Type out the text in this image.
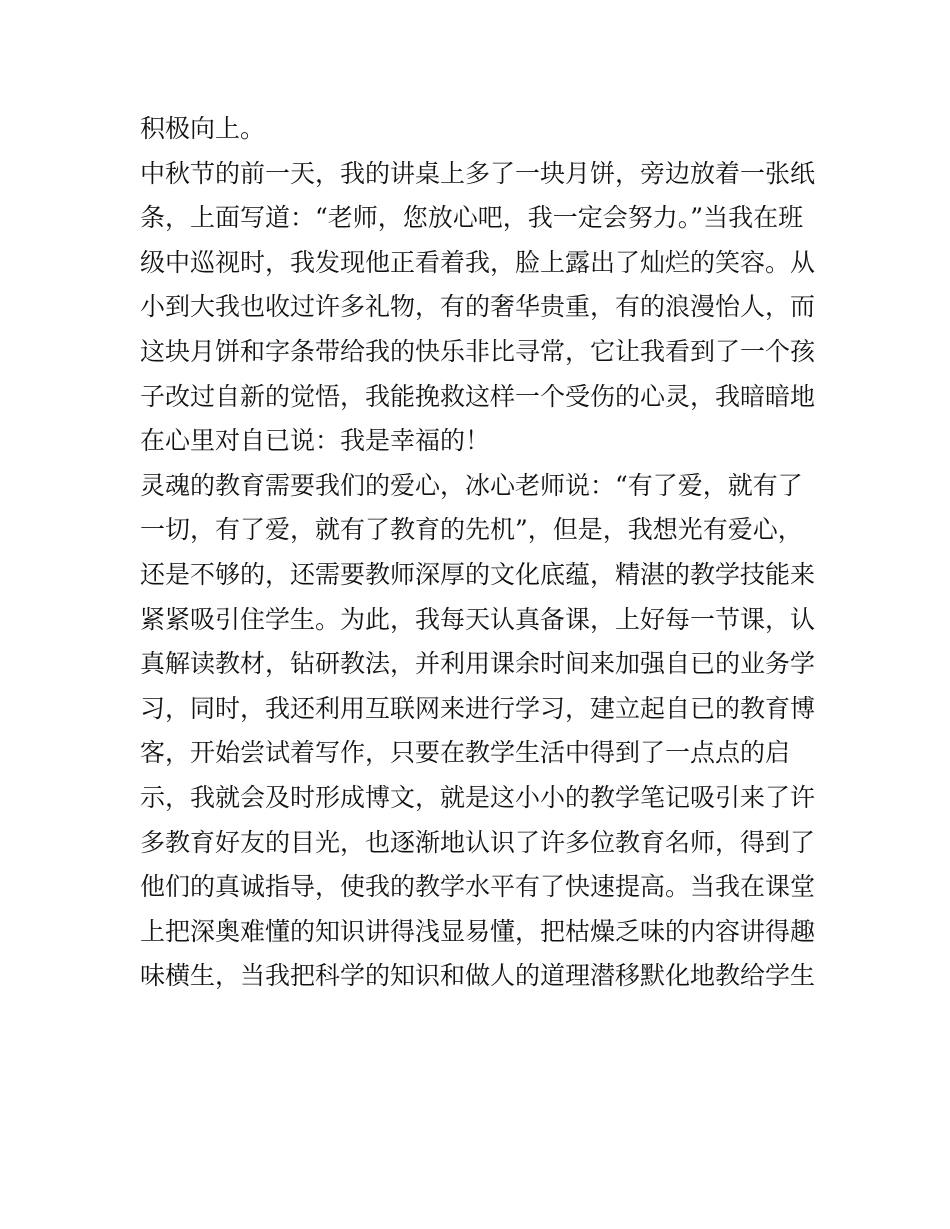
积极向上。
中秋节的前一天，我的讲桌上多了一块月饼，旁边放着一张纸
条，上面写道：“老师，您放心吧，我一定会努力。”当我在班
级中巡视时，我发现他正看着我，脸上露出了灿烂的笑容。从
小到大我也收过许多礼物，有的奢华贵重，有的浪漫怡人，而
这块月饼和字条带给我的快乐非比寻常，它让我看到了一个孩
子改过自新的觉悟，我能挽救这样一个受伤的心灵，我暗暗地
在心里对自已说：我是幸福的！
灵魂的教育需要我们的爱心，冰心老师说：“有了爱，就有了
一切，有了爱，就有了教育的先机”，但是，我想光有爱心，
还是不够的，还需要教师深厚的文化底蕴，精湛的教学技能来
紧紧吸引住学生。为此，我每天认真备课，上好每一节课，认
真解读教材，钻研教法，并利用课余时间来加强自已的业务学
习，同时，我还利用互联网来进行学习，建立起自已的教育博
客，开始尝试着写作，只要在教学生活中得到了一点点的启
示，我就会及时形成博文，就是这小小的教学笔记吸引来了许
多教育好友的目光，也逐渐地认识了许多位教育名师，得到了
他们的真诚指导，使我的教学水平有了快速提高。当我在课堂
上把深奥难懂的知识讲得浅显易懂，把枯燥乏味的内容讲得趣
味横生，当我把科学的知识和做人的道理潜移默化地教给学生
